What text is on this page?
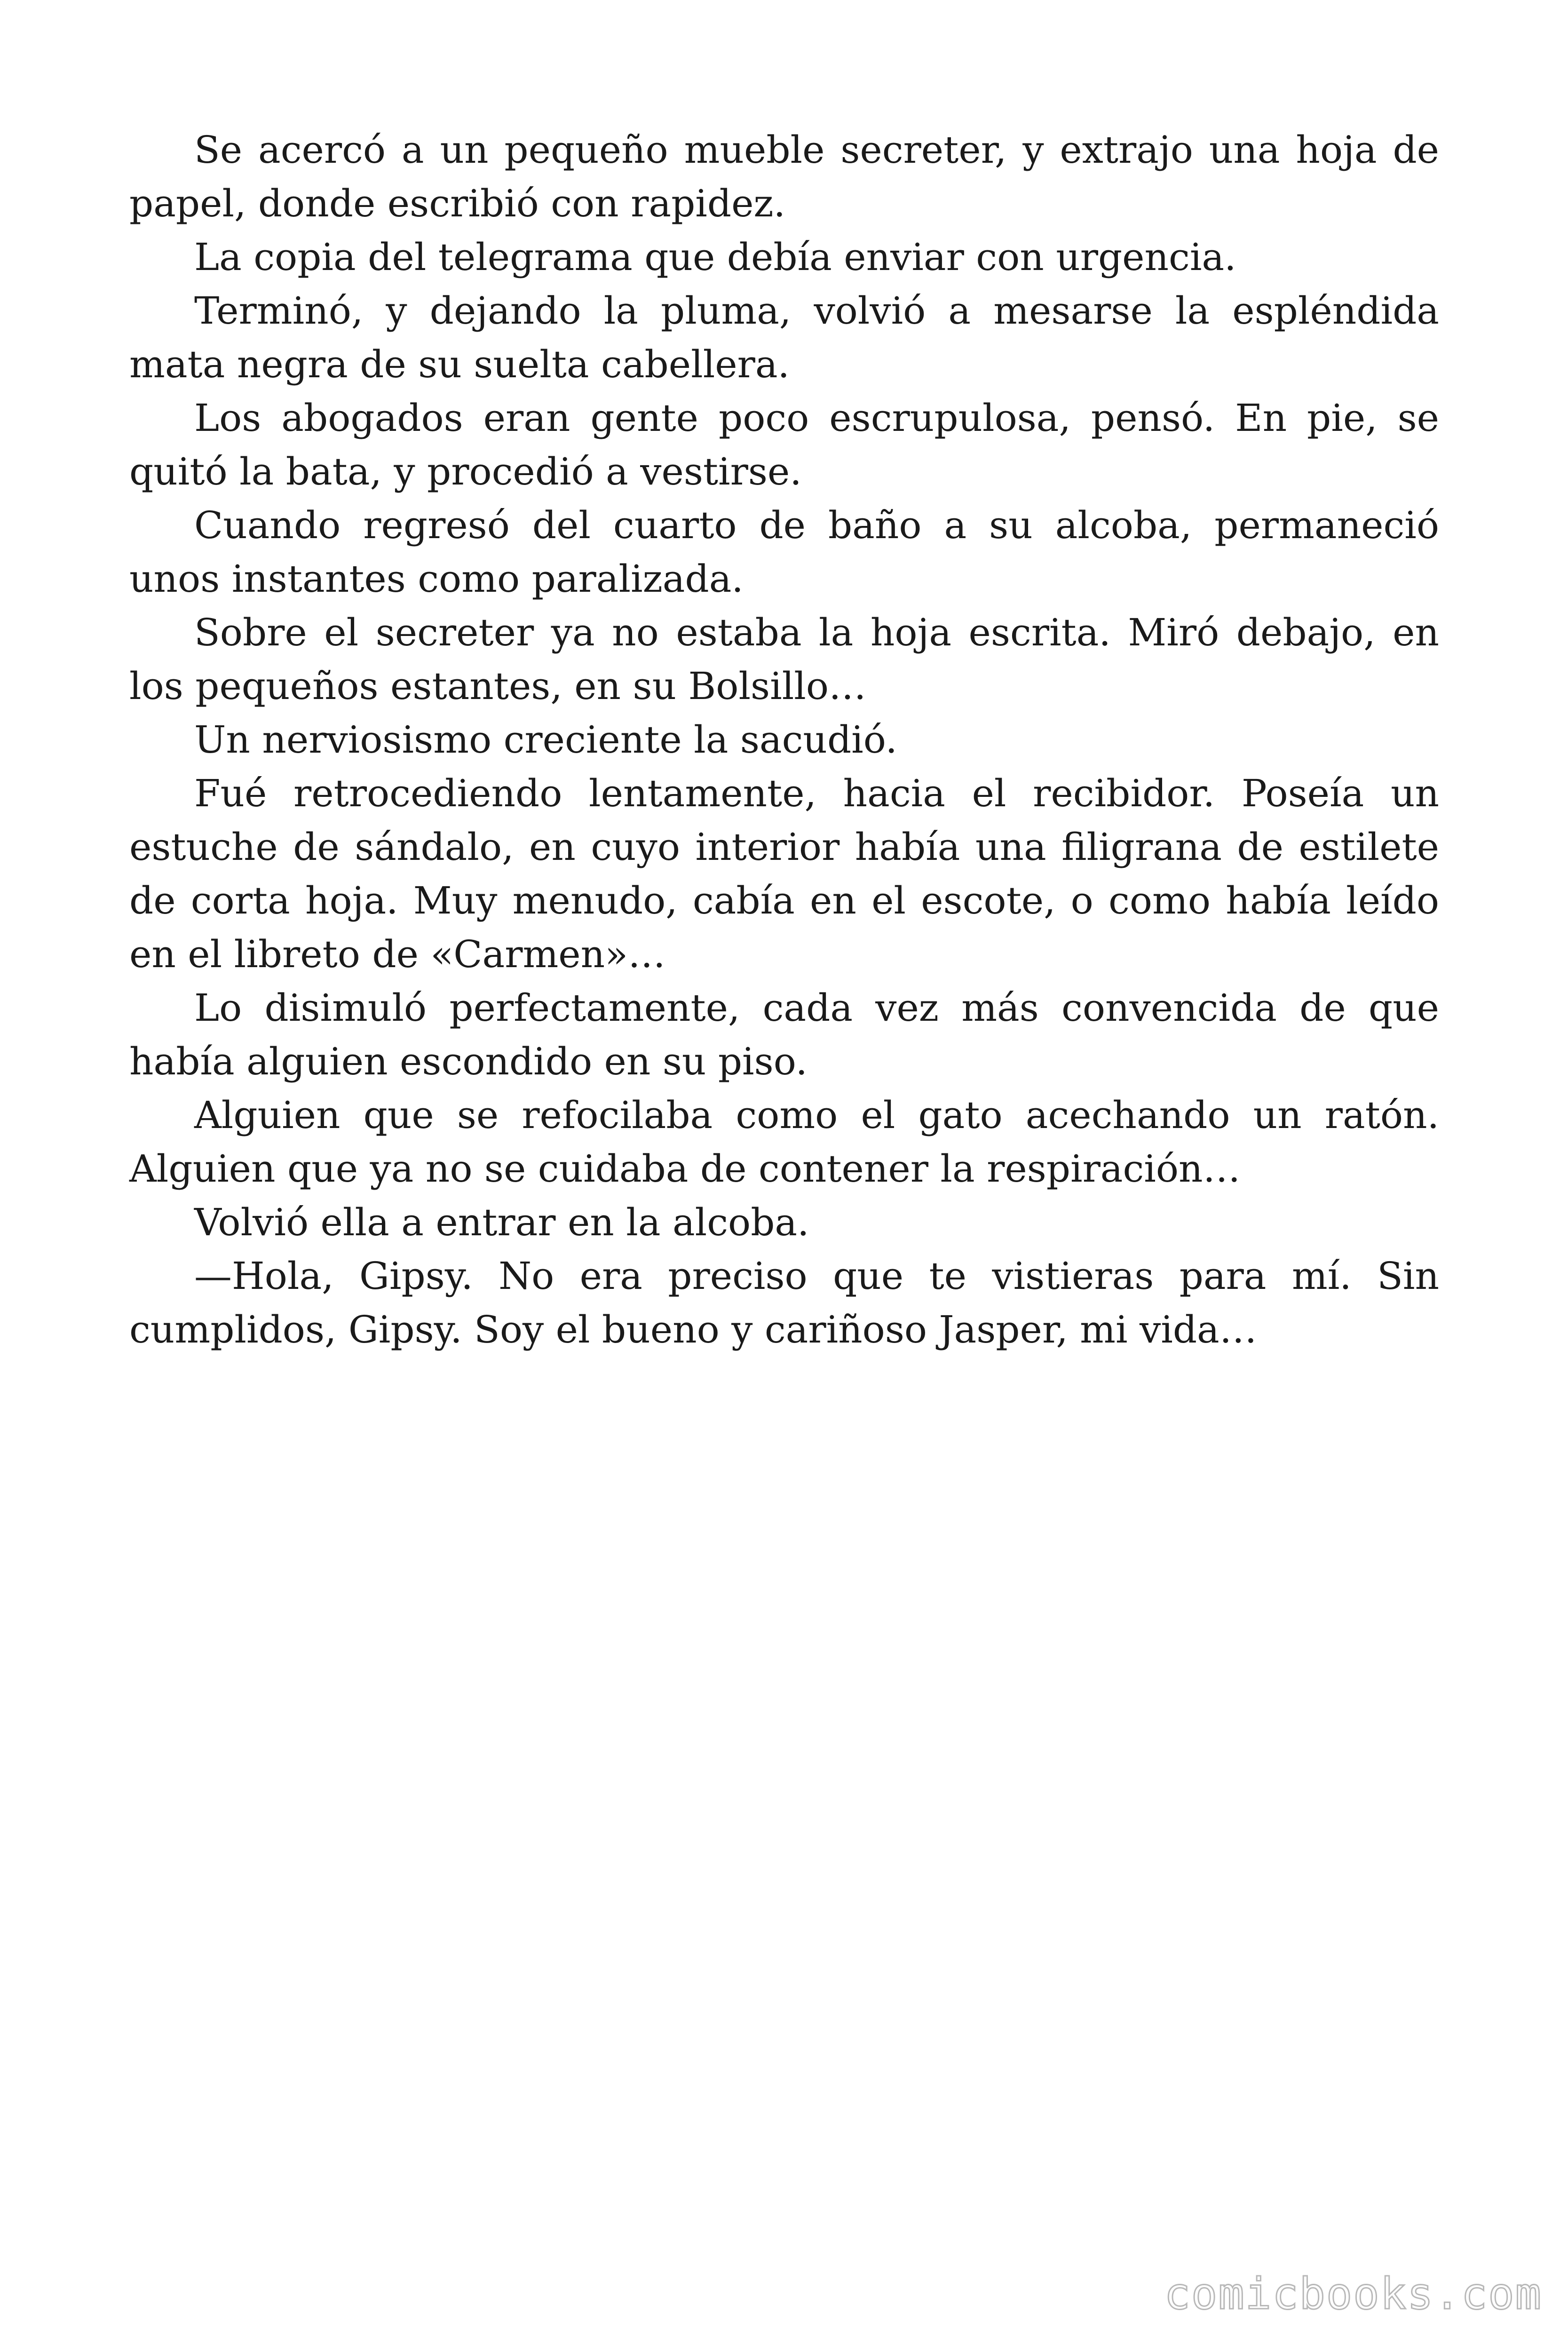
Se acercó a un pequeño mueble secreter, y extrajo una hoja de papel, donde escribió con rapidez.

La copia del telegrama que debía enviar con urgencia.

Terminó, y dejando la pluma, volvió a mesarse la espléndida mata negra de su suelta cabellera.

Los abogados eran gente poco escrupulosa, pensó. En pie, se quitó la bata, y procedió a vestirse.

Cuando regresó del cuarto de baño a su alcoba, permaneció unos instantes como paralizada.

Sobre el secreter ya no estaba la hoja escrita. Miró debajo, en los pequeños estantes, en su Bolsillo…

Un nerviosismo creciente la sacudió.

Fué retrocediendo lentamente, hacia el recibidor. Poseía un estuche de sándalo, en cuyo interior había una filigrana de estilete de corta hoja. Muy menudo, cabía en el escote, o como había leído en el libreto de «Carmen»…

Lo disimuló perfectamente, cada vez más convencida de que había alguien escondido en su piso.

Alguien que se refocilaba como el gato acechando un ratón. Alguien que ya no se cuidaba de contener la respiración…

Volvió ella a entrar en la alcoba.

—Hola, Gipsy. No era preciso que te vistieras para mí. Sin cumplidos, Gipsy. Soy el bueno y cariñoso Jasper, mi vida…

comicbooks.com
